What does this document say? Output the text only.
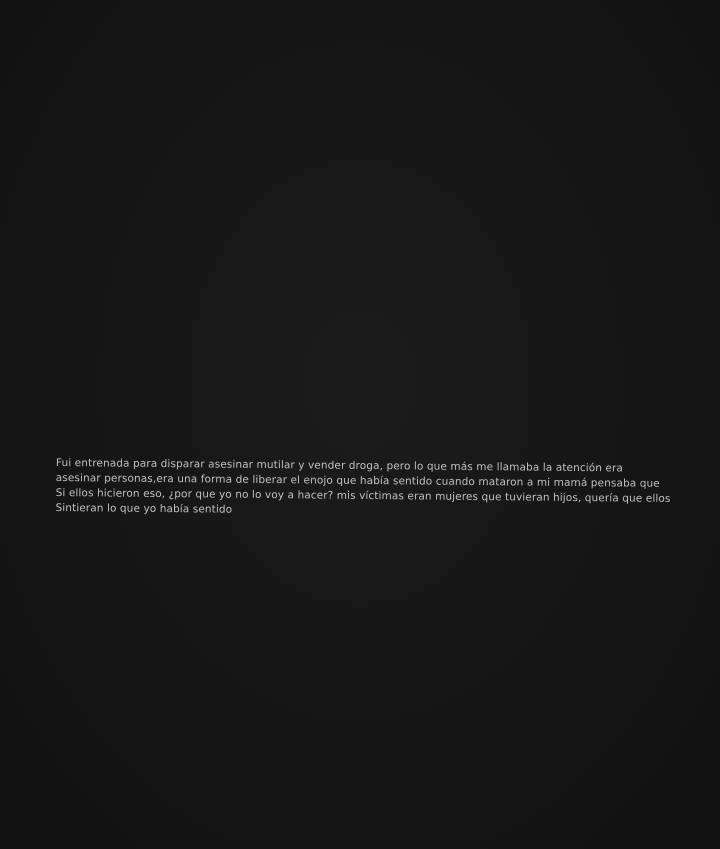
Fui entrenada para disparar asesinar mutilar y vender droga, pero lo que más me llamaba la atención era
asesinar personas,era una forma de liberar el enojo que había sentido cuando mataron a mi mamá pensaba que
Si ellos hicieron eso, ¿por que yo no lo voy a hacer? mis víctimas eran mujeres que tuvieran hijos, quería que ellos
Sintieran lo que yo había sentido
